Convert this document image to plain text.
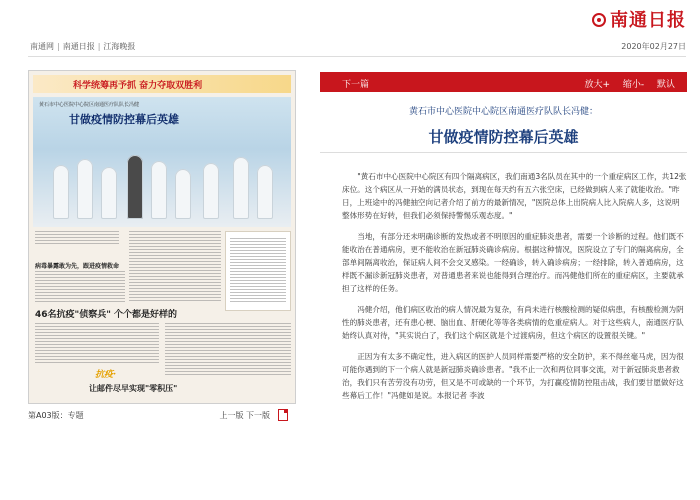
南通日报
南通网 | 南通日报 | 江海晚报	2020年02月27日
科学统筹再予抓 奋力夺取双胜利
黄石市中心医院中心院区南通医疗队队长冯健
甘做疫情防控幕后英雄
病毒暴露敢为先，跟进疫情救命
46名抗疫"侦察兵" 个个都是好样的
让邮件尽早实现"零积压"
抗疫·
第A03版：专题	上一版 下一版
下一篇	放大+ 缩小- 默认
黄石市中心医院中心院区南通医疗队队长冯健：
甘做疫情防控幕后英雄

"黄石市中心医院中心院区有四个隔离病区，我们南通3名队员在其中的一个重症病区工作，共12张床位。这个病区从一开始的满员状态，到现在每天约有五六张空床，已经做到病人来了就能收治。"昨日，上班途中的冯健抽空向记者介绍了前方的最新情况，"医院总体上出院病人比入院病人多，这说明整体形势在好转，但我们必须保持警惕乐观态度。"

当地，有部分还未明确诊断的发热或者不明原因的重症肺炎患者，需要一个诊断的过程。他们既不能收治在普通病房，更不能收治在新冠肺炎确诊病房。根据这种情况，医院设立了专门的隔离病房，全部单间隔离收治，保证病人间不会交叉感染。一经确诊，转入确诊病房；一经排除，转入普通病房，这样既不漏诊新冠肺炎患者，对普通患者来说也能得到合理治疗。而冯健他们所在的重症病区，主要就承担了这样的任务。

冯健介绍，他们病区收治的病人情况最为复杂，有尚未进行核酸检测的疑似病患，有核酸检测为阴性的肺炎患者，还有患心梗、脑出血、肝硬化等等各类病情的危重症病人。对于这些病人，南通医疗队始终认真对待，"其实说白了，我们这个病区就是个过渡病房，但这个病区的设置很关键。"

正因为有太多不确定性，进入病区的医护人员同样需要严格的安全防护，来不得丝毫马虎，因为很可能你遇到的下一个病人就是新冠肺炎确诊患者。"我不止一次和两位同事交流，对于新冠肺炎患者救治，我们只有苦劳没有功劳，但又是不可或缺的一个环节，为打赢疫情防控阻击战，我们要甘愿做好这些幕后工作！"冯健如是说。本报记者 李波
